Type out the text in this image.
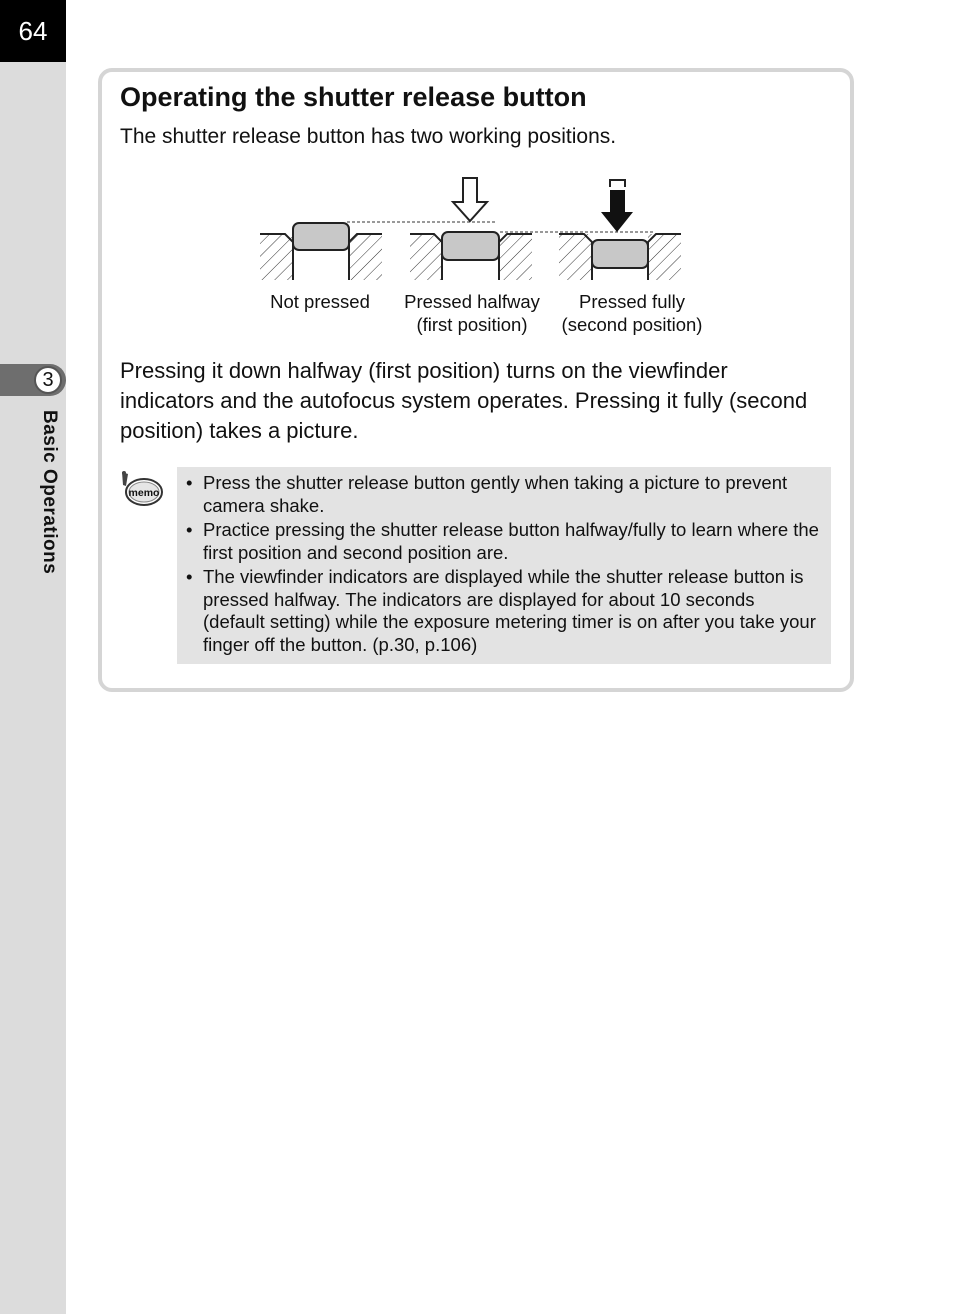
64
3
Basic Operations
Operating the shutter release button

The shutter release button has two working positions.

Not pressed	Pressed halfway
(first position)
Pressed fully
(second position)

Pressing it down halfway (first position) turns on the viewfinder indicators and the autofocus system operates. Pressing it fully (second position) takes a picture.

memo
•	Press the shutter release button gently when taking a picture to prevent camera shake.
• Practice pressing the shutter release button halfway/fully to learn where the first position and second position are.
• The viewfinder indicators are displayed while the shutter release button is pressed halfway. The indicators are displayed for about 10 seconds (default setting) while the exposure metering timer is on after you take your finger off the button. (p.30, p.106)
